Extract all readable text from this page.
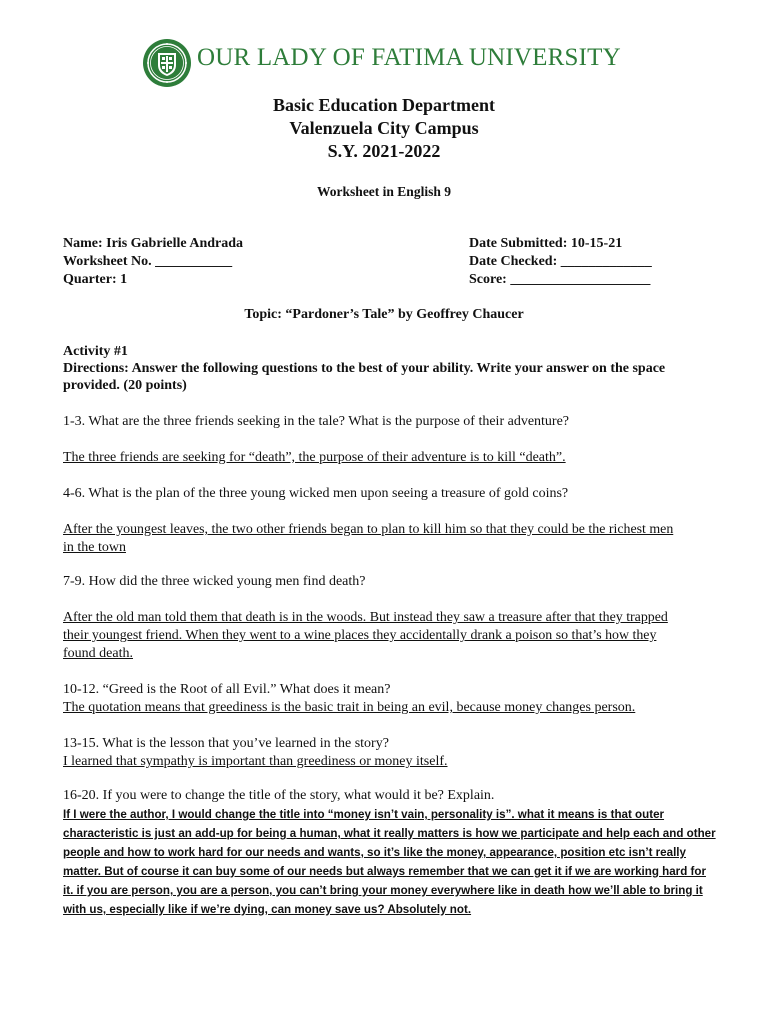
OUR LADY OF FATIMA UNIVERSITY
Basic Education Department
Valenzuela City Campus
S.Y. 2021-2022
Worksheet in English 9
Name: Iris Gabrielle Andrada
Worksheet No. ___________
Quarter: 1
Date Submitted: 10-15-21
Date Checked: _____________
Score: ____________________
Topic: “Pardoner’s Tale” by Geoffrey Chaucer
Activity #1
Directions: Answer the following questions to the best of your ability. Write your answer on the space
provided. (20 points)
1-3. What are the three friends seeking in the tale? What is the purpose of their adventure?
The three friends are seeking for “death”, the purpose of their adventure is to kill “death”.
4-6. What is the plan of the three young wicked men upon seeing a treasure of gold coins?
After the youngest leaves, the two other friends began to plan to kill him so that they could be the richest men
in the town
7-9. How did the three wicked young men find death?
After the old man told them that death is in the woods. But instead they saw a treasure after that they trapped
their youngest friend. When they went to a wine places they accidentally drank a poison so that’s how they
found death.
10-12. “Greed is the Root of all Evil.” What does it mean?
The quotation means that greediness is the basic trait in being an evil, because money changes person.
13-15. What is the lesson that you’ve learned in the story?
I learned that sympathy is important than greediness or money itself.
16-20. If you were to change the title of the story, what would it be? Explain.
If I were the author, I would change the title into “money isn’t vain, personality is”. what it means is that outer
characteristic is just an add-up for being a human, what it really matters is how we participate and help each and other
people and how to work hard for our needs and wants, so it’s like the money, appearance, position etc isn’t really
matter. But of course it can buy some of our needs but always remember that we can get it if we are working hard for
it. if you are person, you are a person, you can’t bring your money everywhere like in death how we’ll able to bring it
with us, especially like if we’re dying, can money save us? Absolutely not.
